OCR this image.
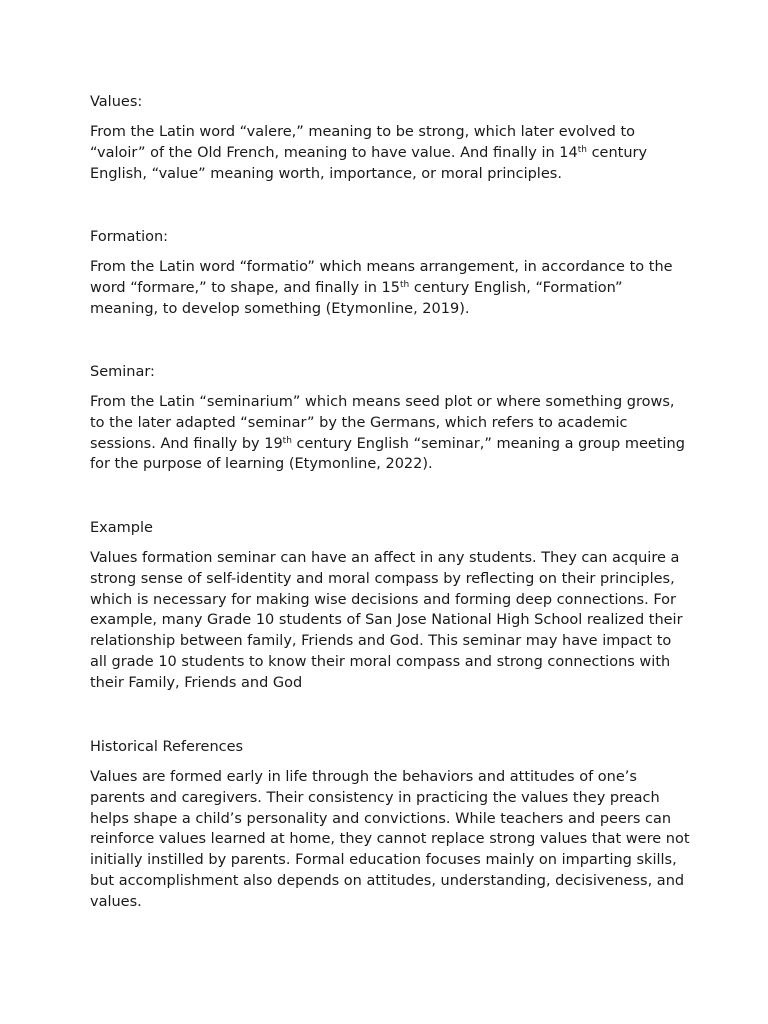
Values:

From the Latin word “valere,” meaning to be strong, which later evolved to “valoir” of the Old French, meaning to have value. And finally in 14th century English, “value” meaning worth, importance, or moral principles.

Formation:

From the Latin word “formatio” which means arrangement, in accordance to the word “formare,” to shape, and finally in 15th century English, “Formation” meaning, to develop something (Etymonline, 2019).

Seminar:

From the Latin “seminarium” which means seed plot or where something grows, to the later adapted “seminar” by the Germans, which refers to academic sessions. And finally by 19th century English “seminar,” meaning a group meeting for the purpose of learning (Etymonline, 2022).

Example

Values formation seminar can have an affect in any students. They can acquire a strong sense of self-identity and moral compass by reflecting on their principles, which is necessary for making wise decisions and forming deep connections. For example, many Grade 10 students of San Jose National High School realized their relationship between family, Friends and God. This seminar may have impact to all grade 10 students to know their moral compass and strong connections with their Family, Friends and God

Historical References

Values are formed early in life through the behaviors and attitudes of one’s parents and caregivers. Their consistency in practicing the values they preach helps shape a child’s personality and convictions. While teachers and peers can reinforce values learned at home, they cannot replace strong values that were not initially instilled by parents. Formal education focuses mainly on imparting skills, but accomplishment also depends on attitudes, understanding, decisiveness, and values.
